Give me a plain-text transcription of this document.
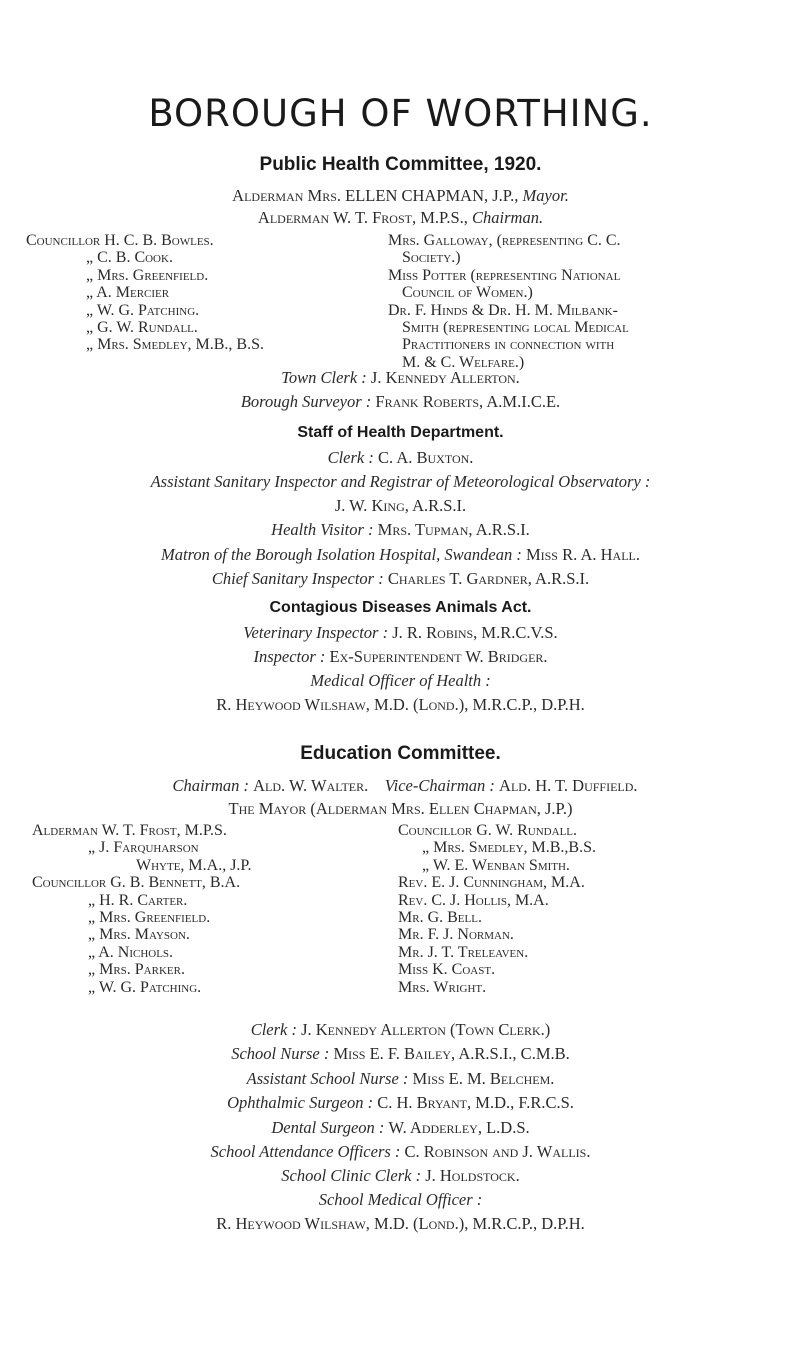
BOROUGH OF WORTHING.
Public Health Committee, 1920.
Alderman Mrs. ELLEN CHAPMAN, J.P., Mayor.
Alderman W. T. Frost, M.P.S., Chairman.
Councillor H. C. B. Bowles.
„ C. B. Cook.
„ Mrs. Greenfield.
„ A. Mercier
„ W. G. Patching.
„ G. W. Rundall.
„ Mrs. Smedley, M.B., B.S.
Mrs. Galloway, (representing C. C.
Society.)
Miss Potter (representing National
Council of Women.)
Dr. F. Hinds & Dr. H. M. Milbank-
Smith (representing local Medical
Practitioners in connection with
M. & C. Welfare.)
Town Clerk : J. Kennedy Allerton.
Borough Surveyor : Frank Roberts, A.M.I.C.E.
Staff of Health Department.
Clerk : C. A. Buxton.
Assistant Sanitary Inspector and Registrar of Meteorological Observatory :
J. W. King, A.R.S.I.
Health Visitor : Mrs. Tupman, A.R.S.I.
Matron of the Borough Isolation Hospital, Swandean : Miss R. A. Hall.
Chief Sanitary Inspector : Charles T. Gardner, A.R.S.I.
Contagious Diseases Animals Act.
Veterinary Inspector : J. R. Robins, M.R.C.V.S.
Inspector : Ex-Superintendent W. Bridger.
Medical Officer of Health :
R. Heywood Wilshaw, M.D. (Lond.), M.R.C.P., D.P.H.
Education Committee.
Chairman : Ald. W. Walter. Vice-Chairman : Ald. H. T. Duffield.
The Mayor (Alderman Mrs. Ellen Chapman, J.P.)
Alderman W. T. Frost, M.P.S.
„ J. Farquharson
Whyte, M.A., J.P.
Councillor G. B. Bennett, B.A.
„ H. R. Carter.
„ Mrs. Greenfield.
„ Mrs. Mayson.
„ A. Nichols.
„ Mrs. Parker.
„ W. G. Patching.
Councillor G. W. Rundall.
„ Mrs. Smedley, M.B.,B.S.
„ W. E. Wenban Smith.
Rev. E. J. Cunningham, M.A.
Rev. C. J. Hollis, M.A.
Mr. G. Bell.
Mr. F. J. Norman.
Mr. J. T. Treleaven.
Miss K. Coast.
Mrs. Wright.
Clerk : J. Kennedy Allerton (Town Clerk.)
School Nurse : Miss E. F. Bailey, A.R.S.I., C.M.B.
Assistant School Nurse : Miss E. M. Belchem.
Ophthalmic Surgeon : C. H. Bryant, M.D., F.R.C.S.
Dental Surgeon : W. Adderley, L.D.S.
School Attendance Officers : C. Robinson and J. Wallis.
School Clinic Clerk : J. Holdstock.
School Medical Officer :
R. Heywood Wilshaw, M.D. (Lond.), M.R.C.P., D.P.H.
